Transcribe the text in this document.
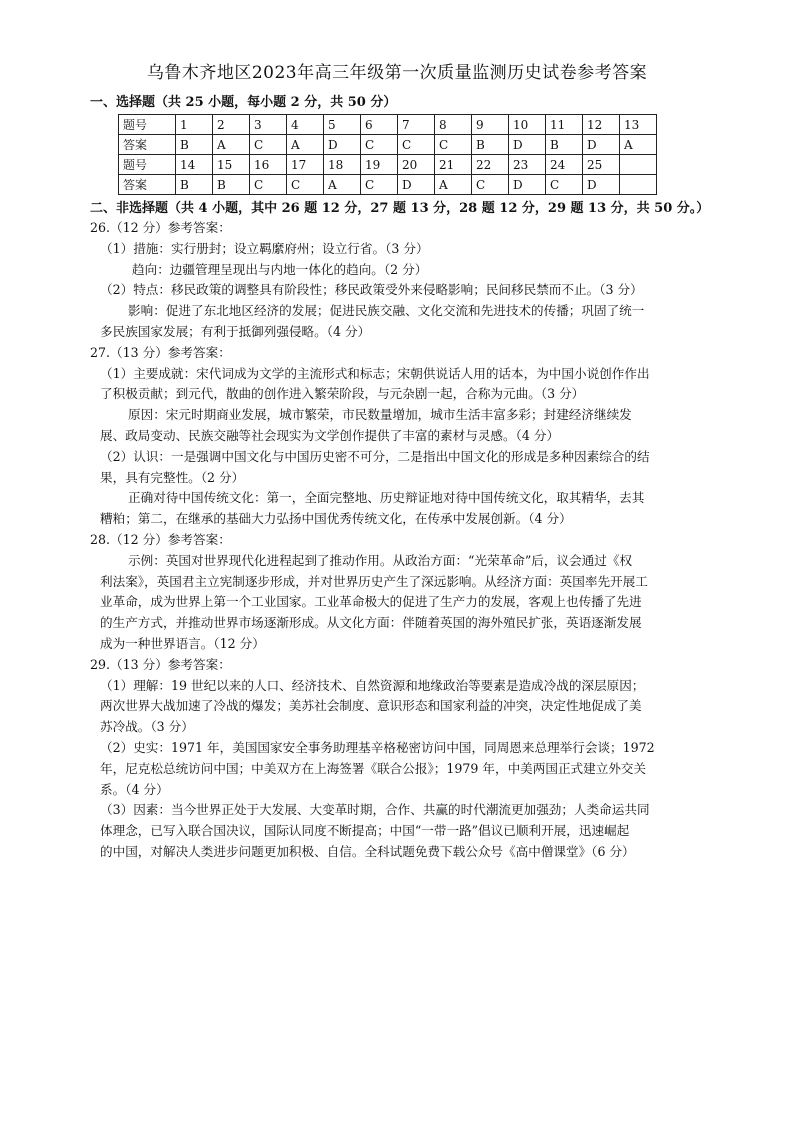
乌鲁木齐地区2023年高三年级第一次质量监测历史试卷参考答案

一、选择题（共 25 小题，每小题 2 分，共 50 分）

题号	1	2	3	4	5	6	7	8	9	10	11	12	13
答案	B	A	C	A	D	C	C	C	B	D	B	D	A
题号	14	15	16	17	18	19	20	21	22	23	24	25	
答案	B	B	C	C	A	C	D	A	C	D	C	D	

二、非选择题（共 4 小题，其中 26 题 12 分，27 题 13 分，28 题 12 分，29 题 13 分，共 50 分。）

26.（12 分）参考答案：

（1）措施：实行册封；设立羁縻府州；设立行省。（3 分）

趋向：边疆管理呈现出与内地一体化的趋向。（2 分）

（2）特点：移民政策的调整具有阶段性；移民政策受外来侵略影响；民间移民禁而不止。（3 分）

影响：促进了东北地区经济的发展；促进民族交融、文化交流和先进技术的传播；巩固了统一

多民族国家发展；有利于抵御列强侵略。（4 分）

27.（13 分）参考答案：

（1）主要成就：宋代词成为文学的主流形式和标志；宋朝供说话人用的话本，为中国小说创作作出

了积极贡献；到元代，散曲的创作进入繁荣阶段，与元杂剧一起，合称为元曲。（3 分）

原因：宋元时期商业发展，城市繁荣，市民数量增加，城市生活丰富多彩；封建经济继续发

展、政局变动、民族交融等社会现实为文学创作提供了丰富的素材与灵感。（4 分）

（2）认识：一是强调中国文化与中国历史密不可分，二是指出中国文化的形成是多种因素综合的结

果，具有完整性。（2 分）

正确对待中国传统文化：第一，全面完整地、历史辩证地对待中国传统文化，取其精华，去其

糟粕；第二，在继承的基础大力弘扬中国优秀传统文化，在传承中发展创新。（4 分）

28.（12 分）参考答案：

示例：英国对世界现代化进程起到了推动作用。从政治方面：“光荣革命”后，议会通过《权

利法案》，英国君主立宪制逐步形成，并对世界历史产生了深远影响。从经济方面：英国率先开展工

业革命，成为世界上第一个工业国家。工业革命极大的促进了生产力的发展，客观上也传播了先进

的生产方式，并推动世界市场逐渐形成。从文化方面：伴随着英国的海外殖民扩张，英语逐渐发展

成为一种世界语言。（12 分）

29.（13 分）参考答案：

（1）理解：19 世纪以来的人口、经济技术、自然资源和地缘政治等要素是造成冷战的深层原因；

两次世界大战加速了冷战的爆发；美苏社会制度、意识形态和国家利益的冲突，决定性地促成了美

苏冷战。（3 分）

（2）史实：1971 年，美国国家安全事务助理基辛格秘密访问中国，同周恩来总理举行会谈；1972

年，尼克松总统访问中国；中美双方在上海签署《联合公报》；1979 年，中美两国正式建立外交关

系。（4 分）

（3）因素：当今世界正处于大发展、大变革时期，合作、共赢的时代潮流更加强劲；人类命运共同

体理念，已写入联合国决议，国际认同度不断提高；中国“一带一路”倡议已顺利开展，迅速崛起

的中国，对解决人类进步问题更加积极、自信。全科试题免费下载公众号《高中僧课堂》（6 分）
